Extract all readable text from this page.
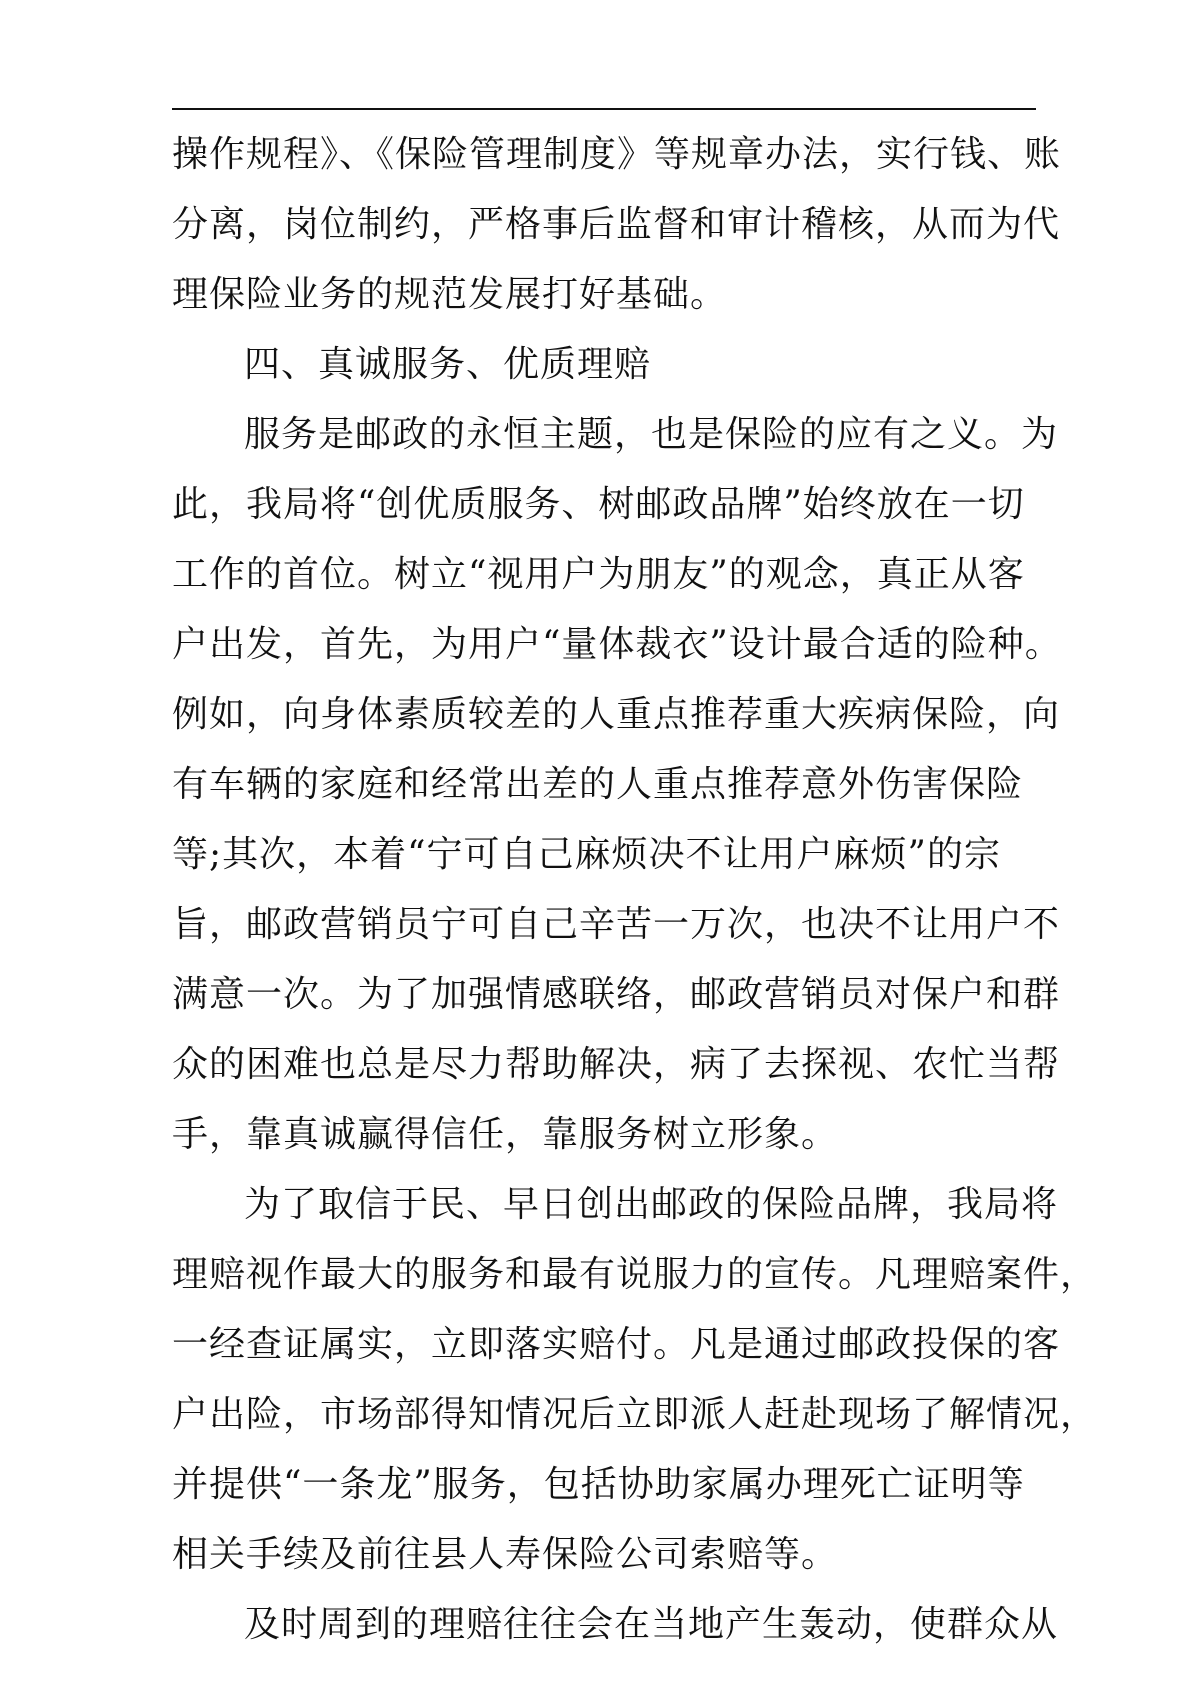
操作规程》、《保险管理制度》等规章办法，实行钱、账
分离，岗位制约，严格事后监督和审计稽核，从而为代
理保险业务的规范发展打好基础。
四、真诚服务、优质理赔
服务是邮政的永恒主题，也是保险的应有之义。为
此，我局将“创优质服务、树邮政品牌”始终放在一切
工作的首位。树立“视用户为朋友”的观念，真正从客
户出发，首先，为用户“量体裁衣”设计最合适的险种。
例如，向身体素质较差的人重点推荐重大疾病保险，向
有车辆的家庭和经常出差的人重点推荐意外伤害保险
等;其次，本着“宁可自己麻烦决不让用户麻烦”的宗
旨，邮政营销员宁可自己辛苦一万次，也决不让用户不
满意一次。为了加强情感联络，邮政营销员对保户和群
众的困难也总是尽力帮助解决，病了去探视、农忙当帮
手，靠真诚赢得信任，靠服务树立形象。
为了取信于民、早日创出邮政的保险品牌，我局将
理赔视作最大的服务和最有说服力的宣传。凡理赔案件，
一经查证属实，立即落实赔付。凡是通过邮政投保的客
户出险，市场部得知情况后立即派人赶赴现场了解情况，
并提供“一条龙”服务，包括协助家属办理死亡证明等
相关手续及前往县人寿保险公司索赔等。
及时周到的理赔往往会在当地产生轰动，使群众从
